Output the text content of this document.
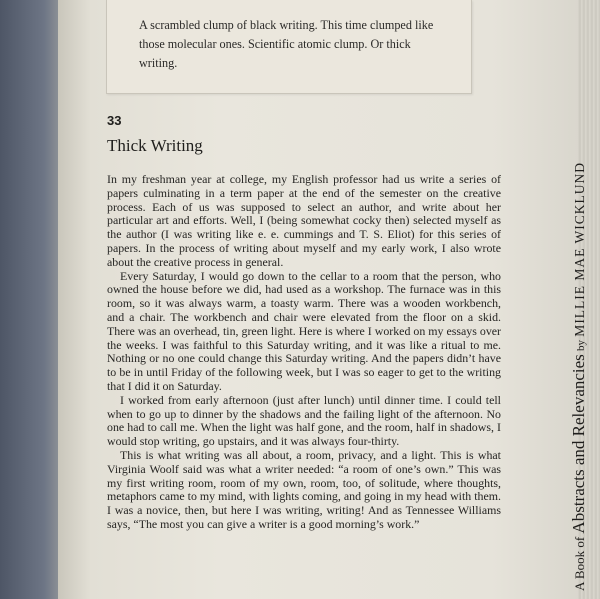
A scrambled clump of black writing. This time clumped like those molecular ones. Scientific atomic clump. Or thick writing.

33
Thick Writing

In my freshman year at college, my English professor had us write a series of papers culminating in a term paper at the end of the semester on the creative process. Each of us was supposed to select an author, and write about her particular art and efforts. Well, I (being somewhat cocky then) selected myself as the author (I was writing like e. e. cummings and T. S. Eliot) for this series of papers. In the process of writing about myself and my early work, I also wrote about the creative process in general.

Every Saturday, I would go down to the cellar to a room that the person, who owned the house before we did, had used as a workshop. The furnace was in this room, so it was always warm, a toasty warm. There was a wooden workbench, and a chair. The workbench and chair were elevated from the floor on a skid. There was an overhead, tin, green light. Here is where I worked on my essays over the weeks. I was faithful to this Saturday writing, and it was like a ritual to me. Nothing or no one could change this Saturday writing. And the papers didn’t have to be in until Friday of the following week, but I was so eager to get to the writing that I did it on Saturday.

I worked from early afternoon (just after lunch) until dinner time. I could tell when to go up to dinner by the shadows and the failing light of the afternoon. No one had to call me. When the light was half gone, and the room, half in shadows, I would stop writing, go upstairs, and it was always four-thirty.

This is what writing was all about, a room, privacy, and a light. This is what Virginia Woolf said was what a writer needed: “a room of one’s own.” This was my first writing room, room of my own, room, too, of solitude, where thoughts, metaphors came to my mind, with lights coming, and going in my head with them. I was a novice, then, but here I was writing, writing! And as Tennessee Williams says, “The most you can give a writer is a good morning’s work.”

A Book of Abstracts and Relevancies by MILLIE MAE WICKLUND
